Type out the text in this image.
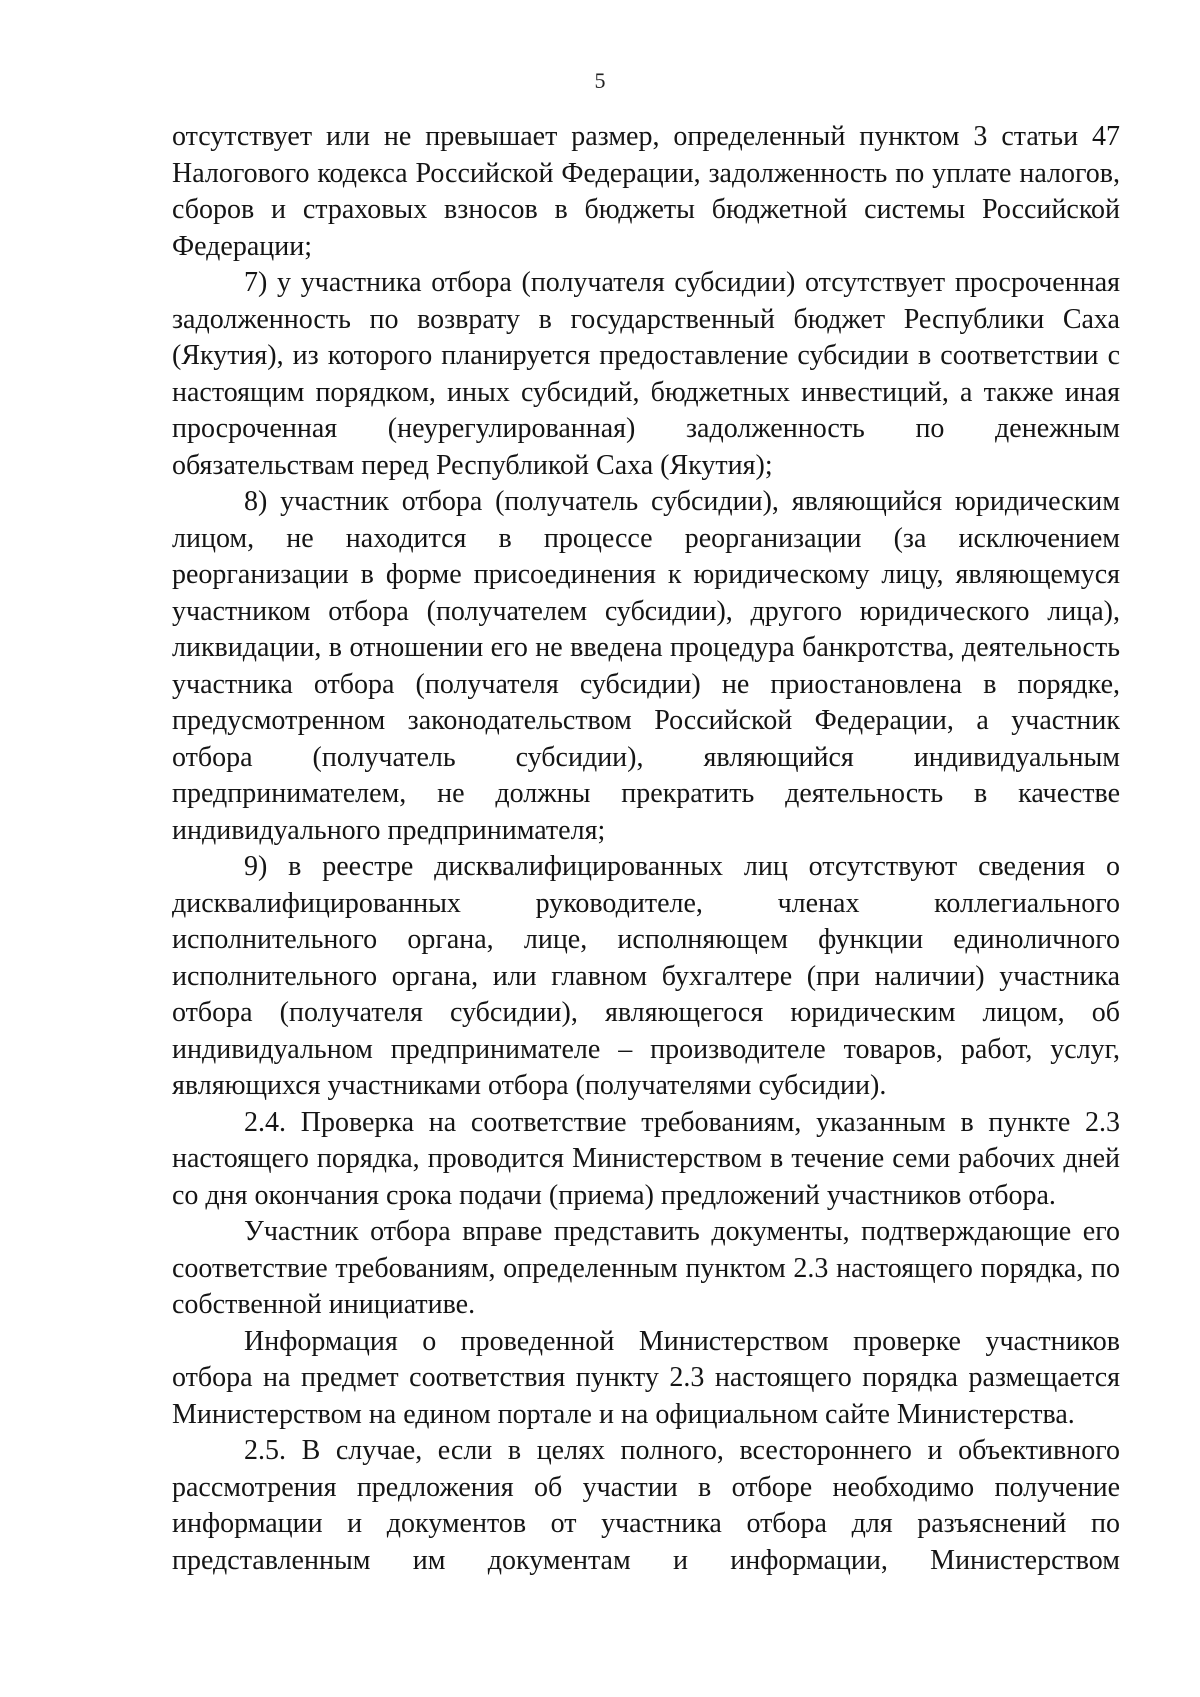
5

отсутствует или не превышает размер, определенный пунктом 3 статьи 47 Налогового кодекса Российской Федерации, задолженность по уплате налогов, сборов и страховых взносов в бюджеты бюджетной системы Российской Федерации;

7) у участника отбора (получателя субсидии) отсутствует просроченная задолженность по возврату в государственный бюджет Республики Саха (Якутия), из которого планируется предоставление субсидии в соответствии с настоящим порядком, иных субсидий, бюджетных инвестиций, а также иная просроченная (неурегулированная) задолженность по денежным обязательствам перед Республикой Саха (Якутия);

8) участник отбора (получатель субсидии), являющийся юридическим лицом, не находится в процессе реорганизации (за исключением реорганизации в форме присоединения к юридическому лицу, являющемуся участником отбора (получателем субсидии), другого юридического лица), ликвидации, в отношении его не введена процедура банкротства, деятельность участника отбора (получателя субсидии) не приостановлена в порядке, предусмотренном законодательством Российской Федерации, а участник отбора (получатель субсидии), являющийся индивидуальным предпринимателем, не должны прекратить деятельность в качестве индивидуального предпринимателя;

9) в реестре дисквалифицированных лиц отсутствуют сведения о дисквалифицированных руководителе, членах коллегиального исполнительного органа, лице, исполняющем функции единоличного исполнительного органа, или главном бухгалтере (при наличии) участника отбора (получателя субсидии), являющегося юридическим лицом, об индивидуальном предпринимателе – производителе товаров, работ, услуг, являющихся участниками отбора (получателями субсидии).

2.4. Проверка на соответствие требованиям, указанным в пункте 2.3 настоящего порядка, проводится Министерством в течение семи рабочих дней со дня окончания срока подачи (приема) предложений участников отбора.

Участник отбора вправе представить документы, подтверждающие его соответствие требованиям, определенным пунктом 2.3 настоящего порядка, по собственной инициативе.

Информация о проведенной Министерством проверке участников отбора на предмет соответствия пункту 2.3 настоящего порядка размещается Министерством на едином портале и на официальном сайте Министерства.

2.5. В случае, если в целях полного, всестороннего и объективного рассмотрения предложения об участии в отборе необходимо получение информации и документов от участника отбора для разъяснений по представленным им документам и информации, Министерством
